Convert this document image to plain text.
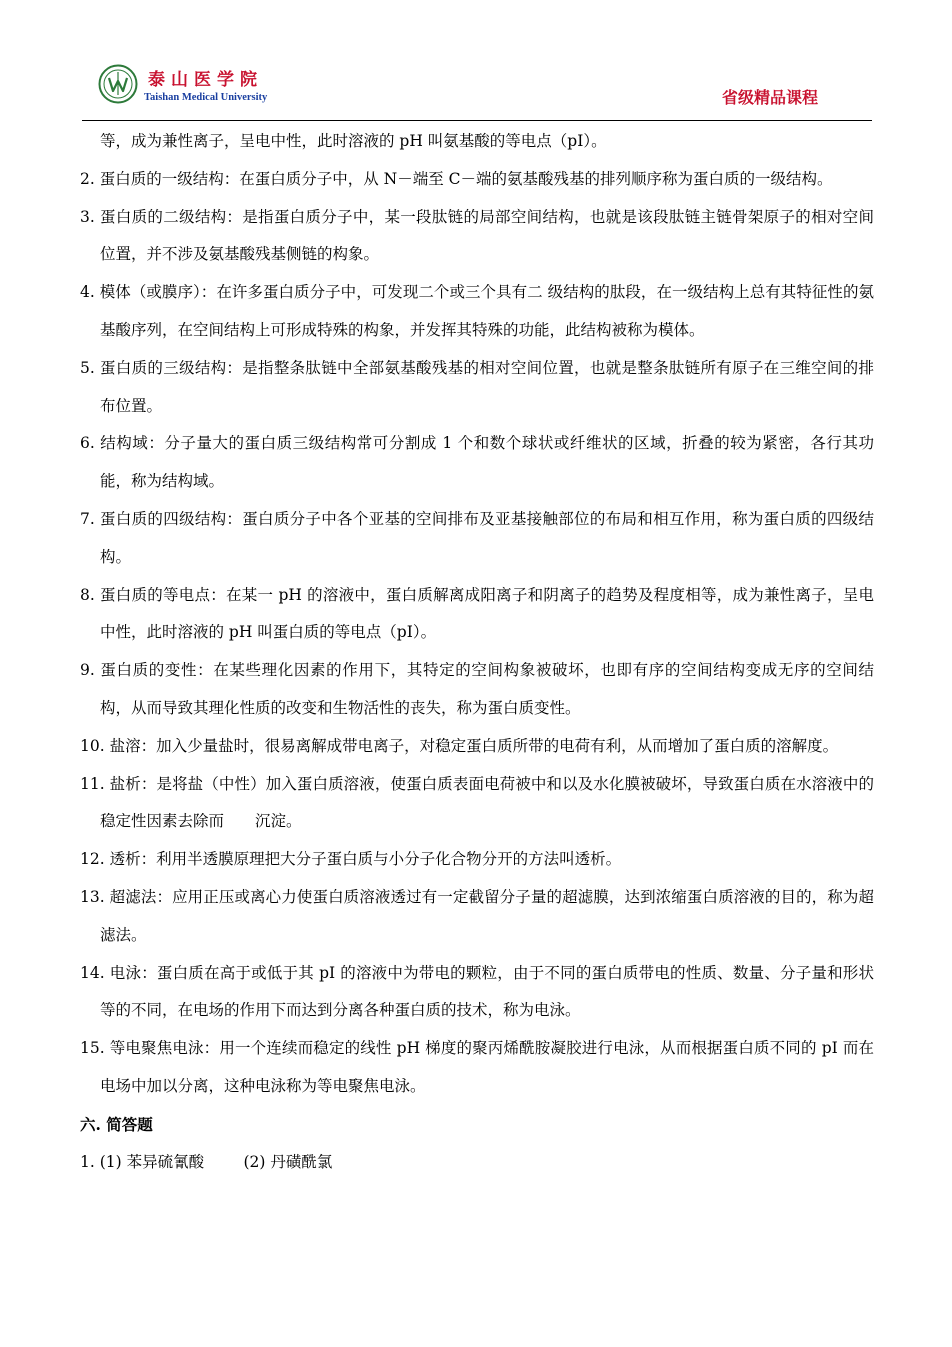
泰山医学院
Taishan Medical University	省级精品课程

等，成为兼性离子，呈电中性，此时溶液的 pH 叫氨基酸的等电点（pI）。

2. 蛋白质的一级结构：在蛋白质分子中，从 N－端至 C－端的氨基酸残基的排列顺序称为蛋白质的一级结构。

3. 蛋白质的二级结构：是指蛋白质分子中，某一段肽链的局部空间结构，也就是该段肽链主链骨架原子的相对空间位置，并不涉及氨基酸残基侧链的构象。

4. 模体（或膜序）：在许多蛋白质分子中，可发现二个或三个具有二 级结构的肽段，在一级结构上总有其特征性的氨基酸序列，在空间结构上可形成特殊的构象，并发挥其特殊的功能，此结构被称为模体。

5. 蛋白质的三级结构：是指整条肽链中全部氨基酸残基的相对空间位置，也就是整条肽链所有原子在三维空间的排布位置。

6. 结构域：分子量大的蛋白质三级结构常可分割成 1 个和数个球状或纤维状的区域，折叠的较为紧密，各行其功能，称为结构域。

7. 蛋白质的四级结构：蛋白质分子中各个亚基的空间排布及亚基接触部位的布局和相互作用，称为蛋白质的四级结构。

8. 蛋白质的等电点：在某一 pH 的溶液中，蛋白质解离成阳离子和阴离子的趋势及程度相等，成为兼性离子，呈电中性，此时溶液的 pH 叫蛋白质的等电点（pI）。

9. 蛋白质的变性：在某些理化因素的作用下，其特定的空间构象被破坏，也即有序的空间结构变成无序的空间结构，从而导致其理化性质的改变和生物活性的丧失，称为蛋白质变性。

10. 盐溶：加入少量盐时，很易离解成带电离子，对稳定蛋白质所带的电荷有利，从而增加了蛋白质的溶解度。

11. 盐析：是将盐（中性）加入蛋白质溶液，使蛋白质表面电荷被中和以及水化膜被破坏，导致蛋白质在水溶液中的稳定性因素去除而　　沉淀。

12. 透析：利用半透膜原理把大分子蛋白质与小分子化合物分开的方法叫透析。

13. 超滤法：应用正压或离心力使蛋白质溶液透过有一定截留分子量的超滤膜，达到浓缩蛋白质溶液的目的，称为超滤法。

14. 电泳：蛋白质在高于或低于其 pI 的溶液中为带电的颗粒，由于不同的蛋白质带电的性质、数量、分子量和形状等的不同，在电场的作用下而达到分离各种蛋白质的技术，称为电泳。

15. 等电聚焦电泳：用一个连续而稳定的线性 pH 梯度的聚丙烯酰胺凝胶进行电泳，从而根据蛋白质不同的 pI 而在电场中加以分离，这种电泳称为等电聚焦电泳。

六. 简答题

1. (1) 苯异硫氰酸        (2) 丹磺酰氯
